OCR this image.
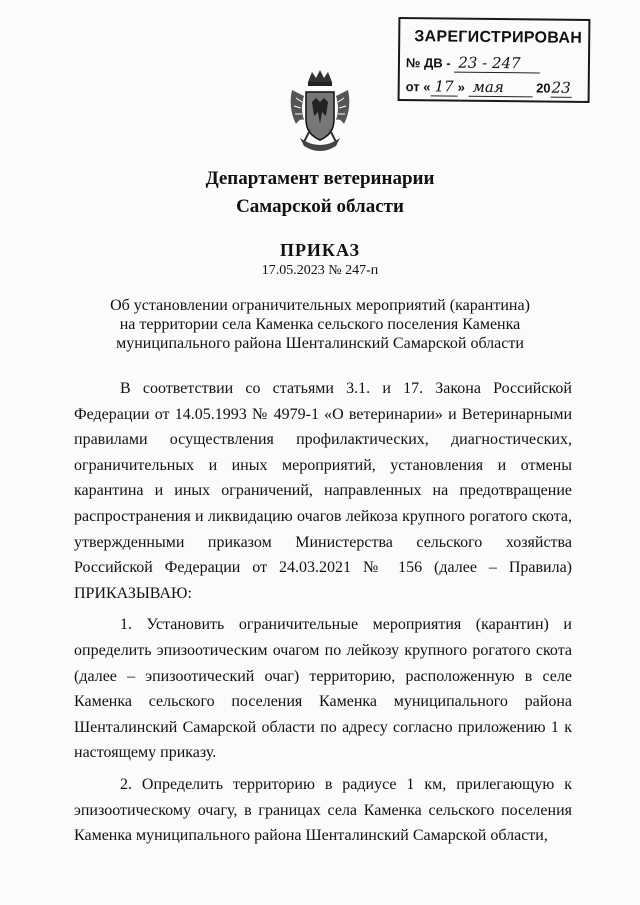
ЗАРЕГИСТРИРОВАН
№ ДВ - 23 - 247
от « 17 » мая 2023
Департамент ветеринарии
Самарской области
ПРИКАЗ
17.05.2023 № 247-п
Об установлении ограничительных мероприятий (карантина)
на территории села Каменка сельского поселения Каменка
муниципального района Шенталинский Самарской области

В соответствии со статьями 3.1. и 17. Закона Российской Федерации от 14.05.1993 № 4979-1 «О ветеринарии» и Ветеринарными правилами осуществления профилактических, диагностических, ограничительных и иных мероприятий, установления и отмены карантина и иных ограничений, направленных на предотвращение распространения и ликвидацию очагов лейкоза крупного рогатого скота, утвержденными приказом Министерства сельского хозяйства Российской Федерации от 24.03.2021 № 156 (далее – Правила) ПРИКАЗЫВАЮ:

1. Установить ограничительные мероприятия (карантин) и определить эпизоотическим очагом по лейкозу крупного рогатого скота (далее – эпизоотический очаг) территорию, расположенную в селе Каменка сельского поселения Каменка муниципального района Шенталинский Самарской области по адресу согласно приложению 1 к настоящему приказу.

2. Определить территорию в радиусе 1 км, прилегающую к эпизоотическому очагу, в границах села Каменка сельского поселения Каменка муниципального района Шенталинский Самарской области,
